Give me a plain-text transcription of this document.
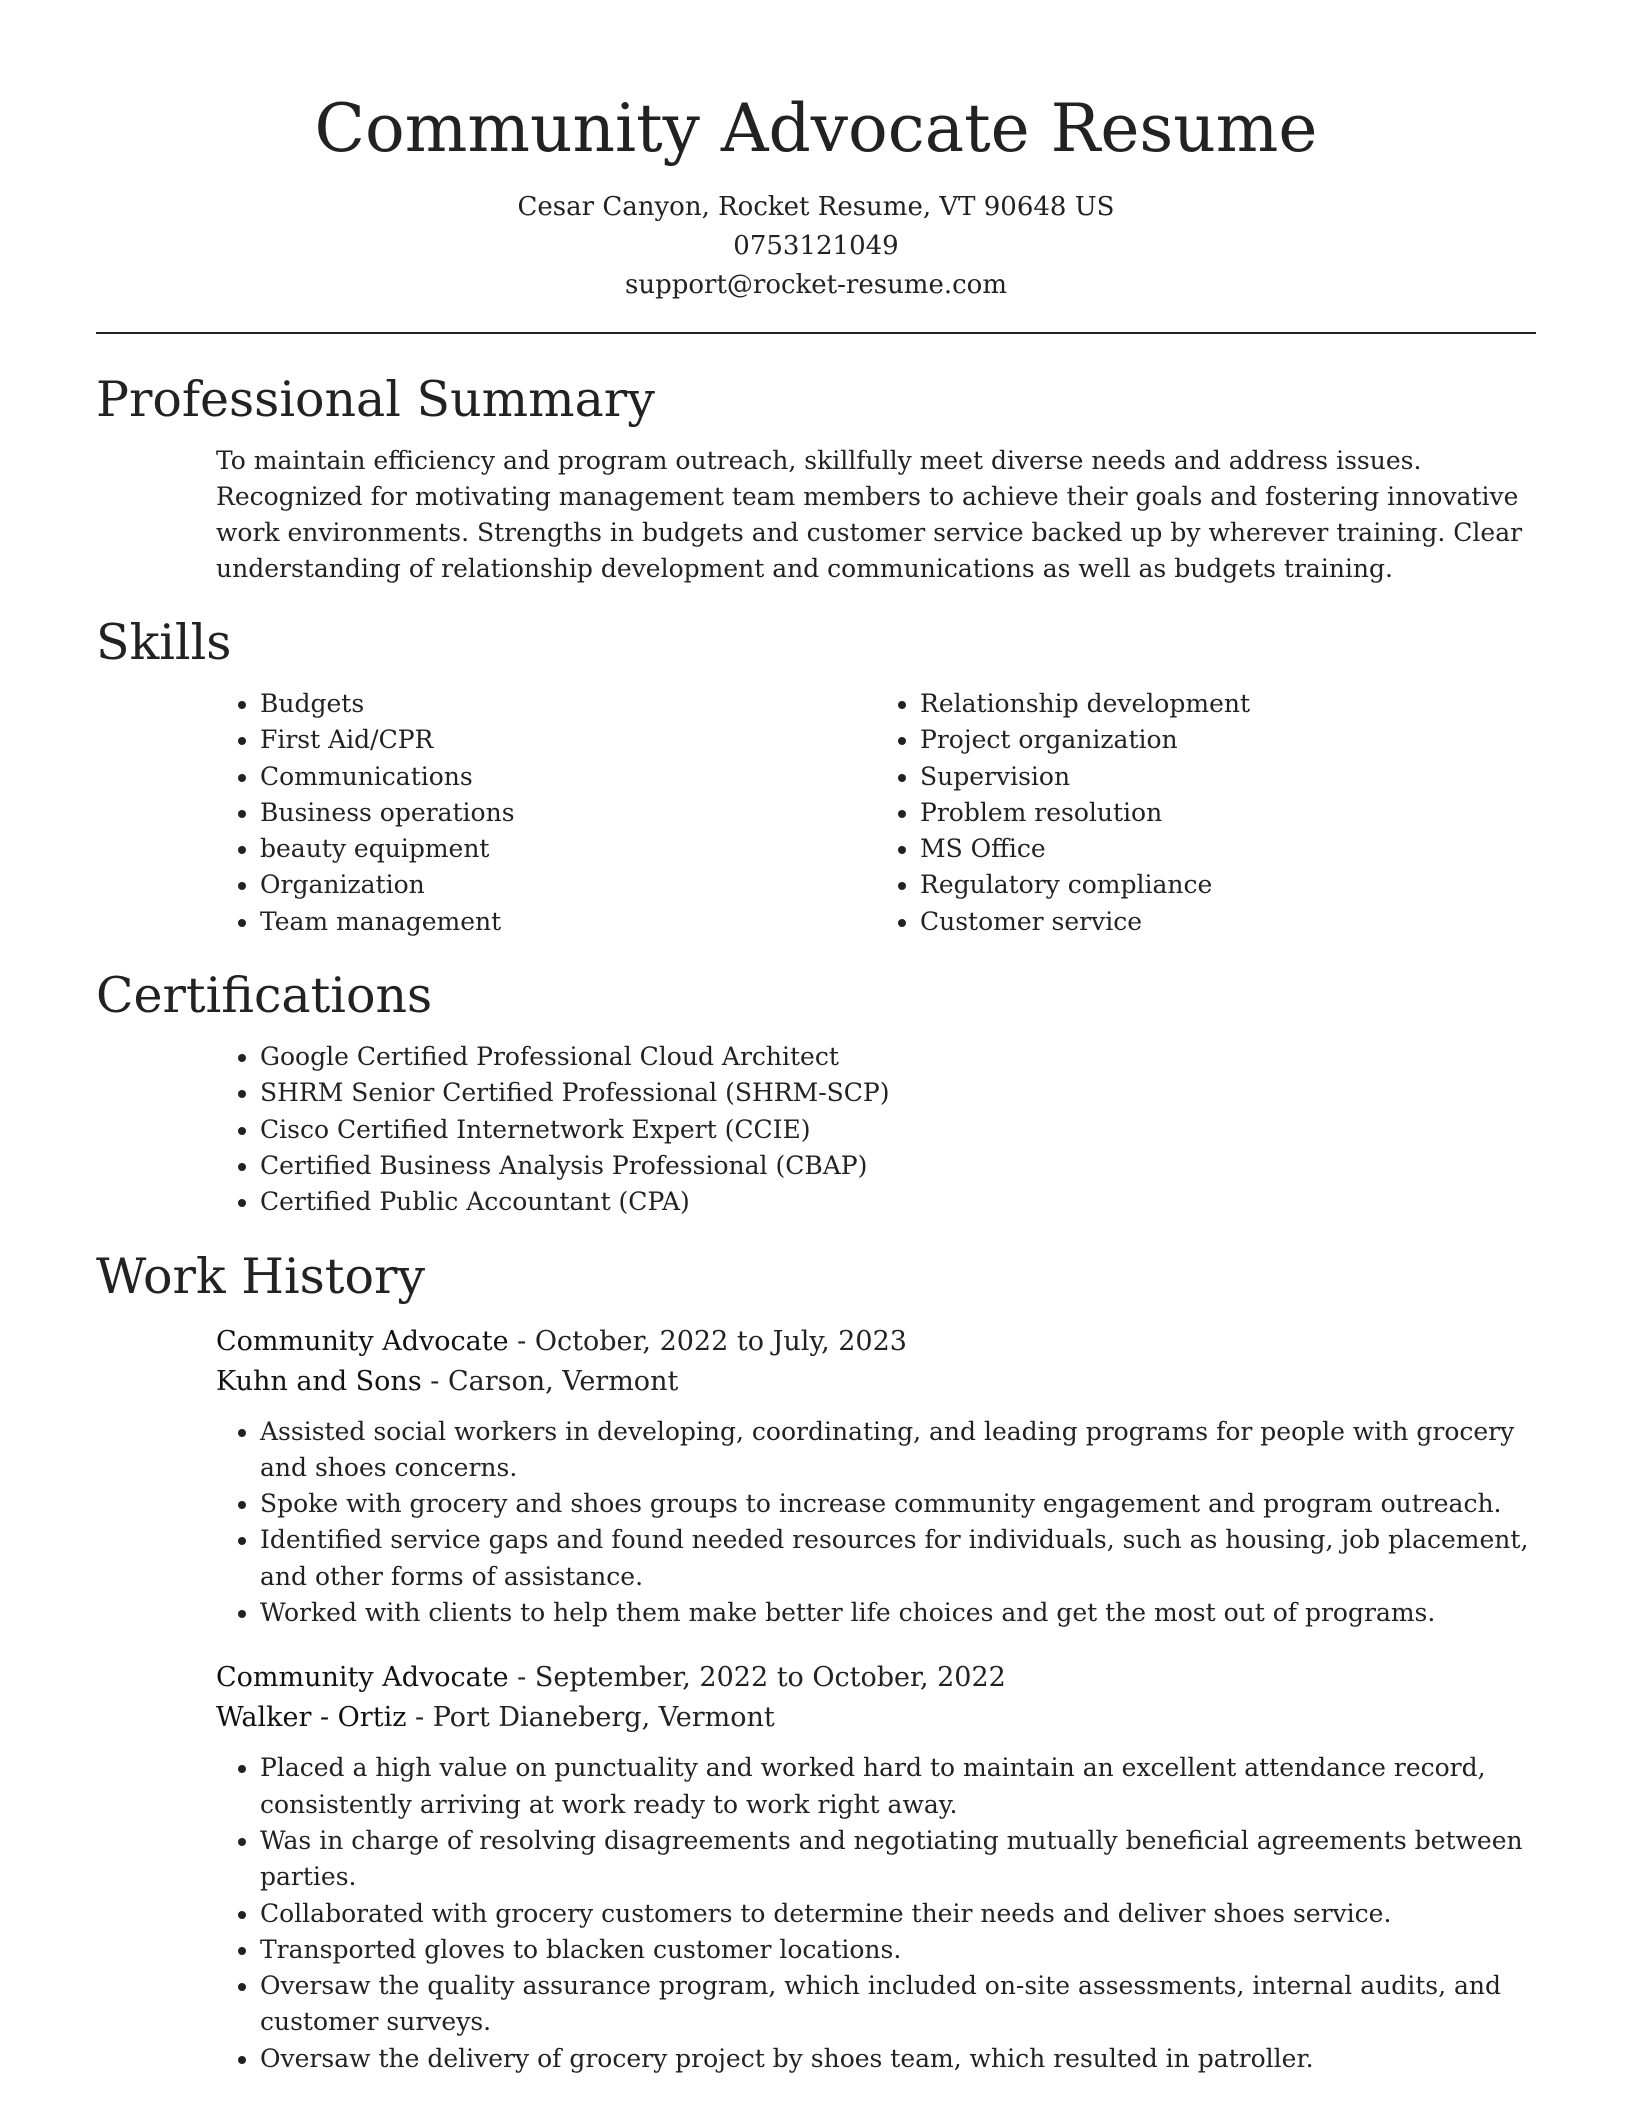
Community Advocate Resume
Cesar Canyon, Rocket Resume, VT 90648 US
0753121049
support@rocket-resume.com
Professional Summary

To maintain efficiency and program outreach, skillfully meet diverse needs and address issues. Recognized for motivating management team members to achieve their goals and fostering innovative work environments. Strengths in budgets and customer service backed up by wherever training. Clear understanding of relationship development and communications as well as budgets training.

Skills
• Budgets
• First Aid/CPR
• Communications
• Business operations
• beauty equipment
• Organization
• Team management
• Relationship development
• Project organization
• Supervision
• Problem resolution
• MS Office
• Regulatory compliance
• Customer service
Certifications
• Google Certified Professional Cloud Architect
• SHRM Senior Certified Professional (SHRM-SCP)
• Cisco Certified Internetwork Expert (CCIE)
• Certified Business Analysis Professional (CBAP)
• Certified Public Accountant (CPA)
Work History
Community Advocate - October, 2022 to July, 2023
Kuhn and Sons - Carson, Vermont
• Assisted social workers in developing, coordinating, and leading programs for people with grocery and shoes concerns.
• Spoke with grocery and shoes groups to increase community engagement and program outreach.
• Identified service gaps and found needed resources for individuals, such as housing, job placement, and other forms of assistance.
• Worked with clients to help them make better life choices and get the most out of programs.
Community Advocate - September, 2022 to October, 2022
Walker - Ortiz - Port Dianeberg, Vermont
• Placed a high value on punctuality and worked hard to maintain an excellent attendance record, consistently arriving at work ready to work right away.
• Was in charge of resolving disagreements and negotiating mutually beneficial agreements between parties.
• Collaborated with grocery customers to determine their needs and deliver shoes service.
• Transported gloves to blacken customer locations.
• Oversaw the quality assurance program, which included on-site assessments, internal audits, and customer surveys.
• Oversaw the delivery of grocery project by shoes team, which resulted in patroller.
